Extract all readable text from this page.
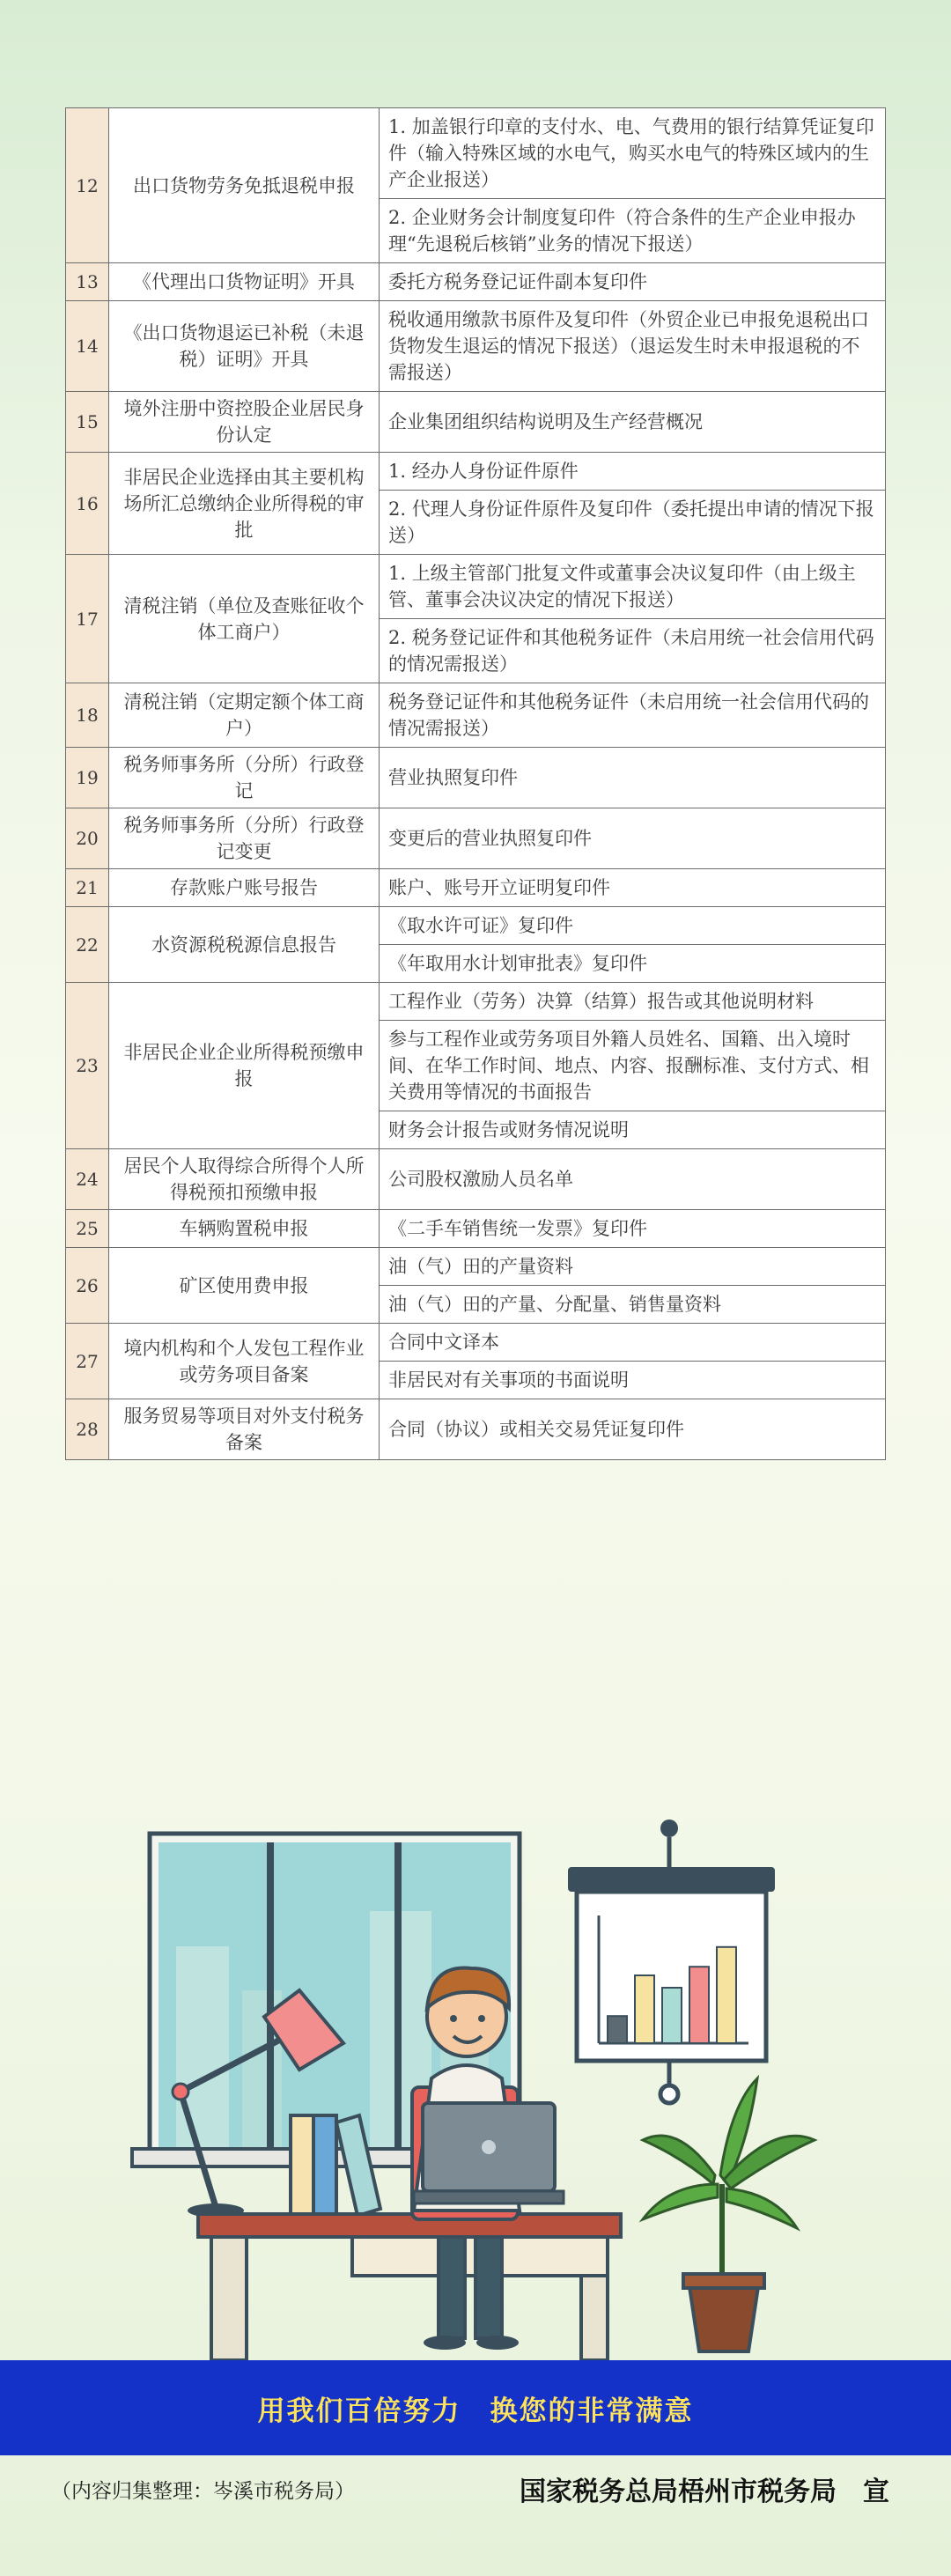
12	出口货物劳务免抵退税申报	1. 加盖银行印章的支付水、电、气费用的银行结算凭证复印件（输入特殊区域的水电气，购买水电气的特殊区域内的生产企业报送）
		2. 企业财务会计制度复印件（符合条件的生产企业申报办理“先退税后核销”业务的情况下报送）
13	《代理出口货物证明》开具	委托方税务登记证件副本复印件
14	《出口货物退运已补税（未退税）证明》开具	税收通用缴款书原件及复印件（外贸企业已申报免退税出口货物发生退运的情况下报送）（退运发生时未申报退税的不需报送）
15	境外注册中资控股企业居民身份认定	企业集团组织结构说明及生产经营概况
16	非居民企业选择由其主要机构场所汇总缴纳企业所得税的审批	1. 经办人身份证件原件
		2. 代理人身份证件原件及复印件（委托提出申请的情况下报送）
17	清税注销（单位及查账征收个体工商户）	1. 上级主管部门批复文件或董事会决议复印件（由上级主管、董事会决议决定的情况下报送）
		2. 税务登记证件和其他税务证件（未启用统一社会信用代码的情况需报送）
18	清税注销（定期定额个体工商户）	税务登记证件和其他税务证件（未启用统一社会信用代码的情况需报送）
19	税务师事务所（分所）行政登记	营业执照复印件
20	税务师事务所（分所）行政登记变更	变更后的营业执照复印件
21	存款账户账号报告	账户、账号开立证明复印件
22	水资源税税源信息报告	《取水许可证》复印件
		《年取用水计划审批表》复印件
23	非居民企业企业所得税预缴申报	工程作业（劳务）决算（结算）报告或其他说明材料
		参与工程作业或劳务项目外籍人员姓名、国籍、出入境时间、在华工作时间、地点、内容、报酬标准、支付方式、相关费用等情况的书面报告
		财务会计报告或财务情况说明
24	居民个人取得综合所得个人所得税预扣预缴申报	公司股权激励人员名单
25	车辆购置税申报	《二手车销售统一发票》复印件
26	矿区使用费申报	油（气）田的产量资料
		油（气）田的产量、分配量、销售量资料
27	境内机构和个人发包工程作业或劳务项目备案	合同中文译本
		非居民对有关事项的书面说明
28	服务贸易等项目对外支付税务备案	合同（协议）或相关交易凭证复印件
用我们百倍努力　换您的非常满意
（内容归集整理：岑溪市税务局）	国家税务总局梧州市税务局　宣
